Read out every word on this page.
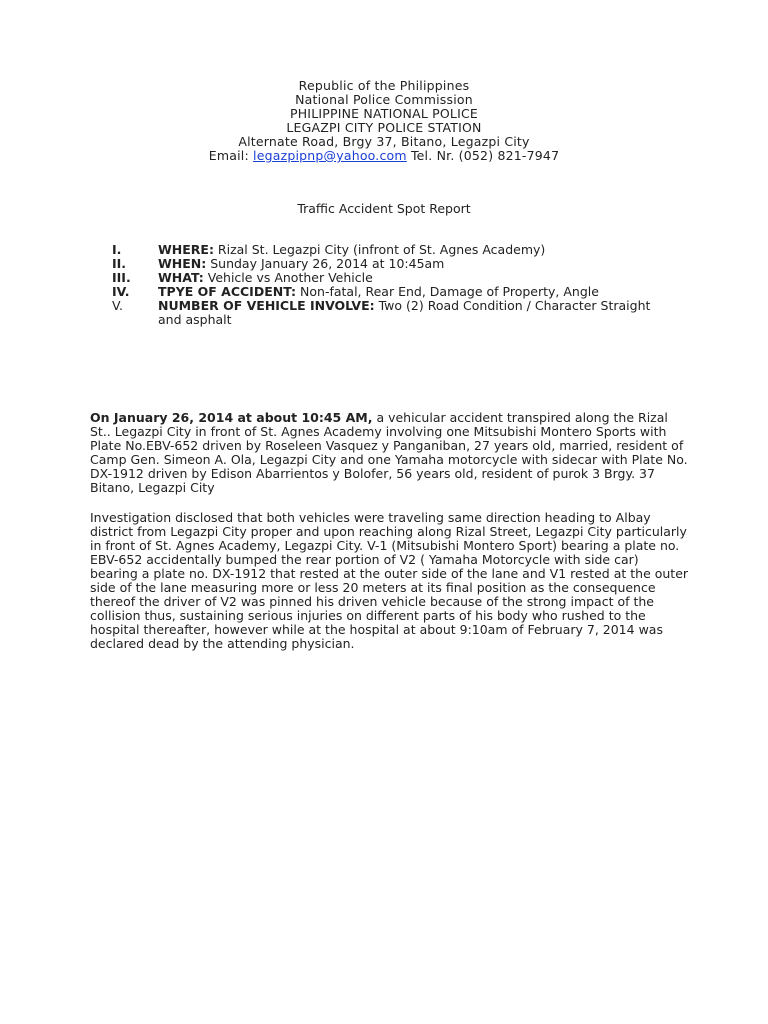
Republic of the Philippines
National Police Commission
PHILIPPINE NATIONAL POLICE
LEGAZPI CITY POLICE STATION
Alternate Road, Brgy 37, Bitano, Legazpi City
Email: legazpipnp@yahoo.com Tel. Nr. (052) 821-7947
Traffic Accident Spot Report
I.	WHERE: Rizal St. Legazpi City (infront of St. Agnes Academy)
II.	WHEN: Sunday January 26, 2014 at 10:45am
III.	WHAT: Vehicle vs Another Vehicle
IV.	TPYE OF ACCIDENT: Non-fatal, Rear End, Damage of Property, Angle
V.	NUMBER OF VEHICLE INVOLVE: Two (2) Road Condition / Character Straight and asphalt
On January 26, 2014 at about 10:45 AM, a vehicular accident transpired along the Rizal St.. Legazpi City in front of St. Agnes Academy involving one Mitsubishi Montero Sports with Plate No.EBV-652 driven by Roseleen Vasquez y Panganiban, 27 years old, married, resident of Camp Gen. Simeon A. Ola, Legazpi City and one Yamaha motorcycle with sidecar with Plate No. DX-1912 driven by Edison Abarrientos y Bolofer, 56 years old, resident of purok 3 Brgy. 37 Bitano, Legazpi City
Investigation disclosed that both vehicles were traveling same direction heading to Albay district from Legazpi City proper and upon reaching along Rizal Street, Legazpi City particularly in front of St. Agnes Academy, Legazpi City. V-1 (Mitsubishi Montero Sport) bearing a plate no. EBV-652 accidentally bumped the rear portion of V2 ( Yamaha Motorcycle with side car) bearing a plate no. DX-1912 that rested at the outer side of the lane and V1 rested at the outer side of the lane measuring more or less 20 meters at its final position as the consequence thereof the driver of V2 was pinned his driven vehicle because of the strong impact of the collision thus, sustaining serious injuries on different parts of his body who rushed to the hospital thereafter, however while at the hospital at about 9:10am of February 7, 2014 was declared dead by the attending physician.
